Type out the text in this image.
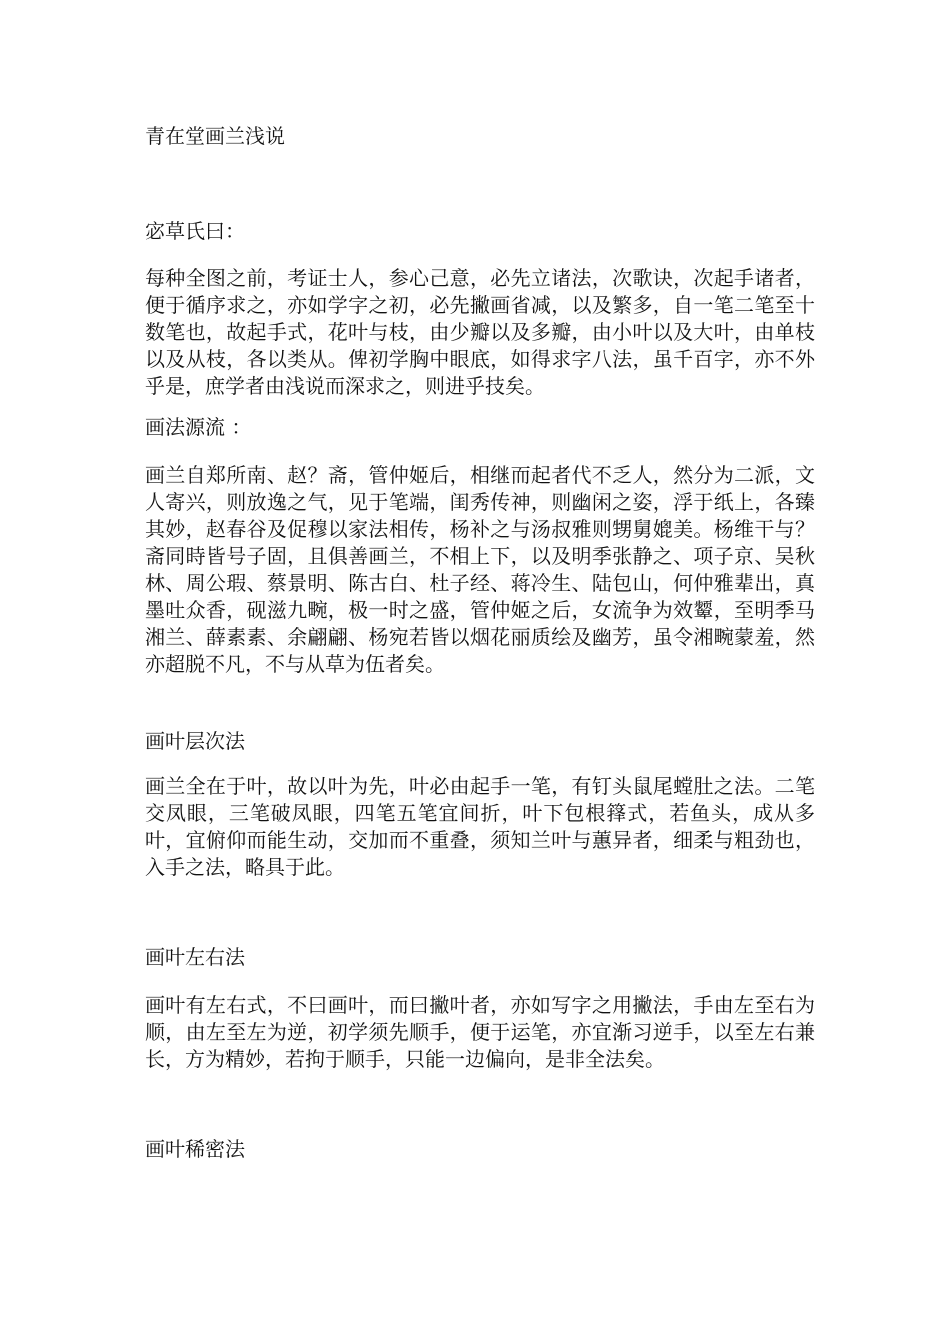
青在堂画兰浅说

宓草氏曰：

每种全图之前，考证士人，参心己意，必先立诸法，次歌诀，次起手诸者，便于循序求之，亦如学字之初，必先撇画省减，以及繁多，自一笔二笔至十数笔也，故起手式，花叶与枝，由少瓣以及多瓣，由小叶以及大叶，由单枝以及从枝，各以类从。俾初学胸中眼底，如得求字八法，虽千百字，亦不外乎是，庶学者由浅说而深求之，则进乎技矣。

画法源流 ：

画兰自郑所南、赵？斋，管仲姬后，相继而起者代不乏人，然分为二派，文人寄兴，则放逸之气，见于笔端，闺秀传神，则幽闲之姿，浮于纸上，各臻其妙，赵春谷及促穆以家法相传，杨补之与汤叔雅则甥舅媲美。杨维干与？斋同時皆号子固，且俱善画兰，不相上下，以及明季张静之、项子京、吴秋林、周公瑕、蔡景明、陈古白、杜子经、蒋冷生、陆包山，何仲雅辈出，真墨吐众香，砚滋九畹，极一时之盛，管仲姬之后，女流争为效颦，至明季马湘兰、薛素素、余翩翩、杨宛若皆以烟花丽质绘及幽芳，虽令湘畹蒙羞，然亦超脱不凡，不与从草为伍者矣。

画叶层次法

画兰全在于叶，故以叶为先，叶必由起手一笔，有钉头鼠尾螳肚之法。二笔交凤眼，三笔破凤眼，四笔五笔宜间折，叶下包根箨式，若鱼头，成从多叶，宜俯仰而能生动，交加而不重叠，须知兰叶与蕙异者，细柔与粗劲也，入手之法，略具于此。

画叶左右法

画叶有左右式，不曰画叶，而曰撇叶者，亦如写字之用撇法，手由左至右为顺，由左至左为逆，初学须先顺手，便于运笔，亦宜渐习逆手，以至左右兼长，方为精妙，若拘于顺手，只能一边偏向，是非全法矣。

画叶稀密法
